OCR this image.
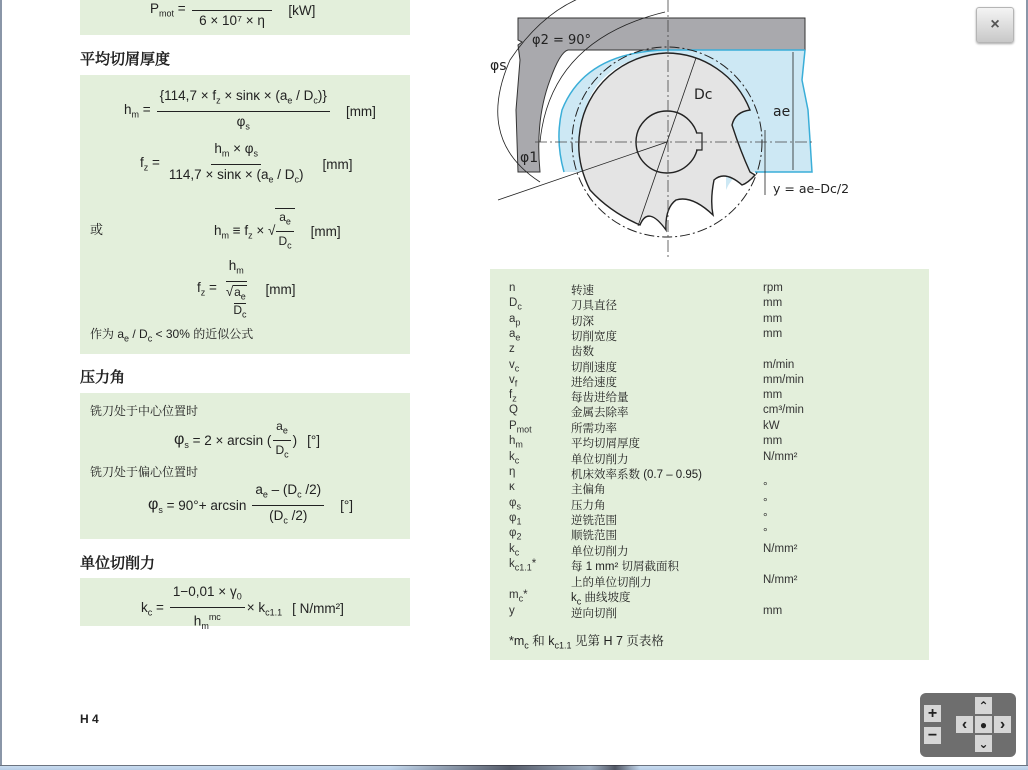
$P_{mot}$ =
6 × 10⁷ × η
[kW]
平均切屑厚度
$h_m = \frac{\{114,7 \times f_z \times \sin\kappa \times (a_e / D_c)\}}{\varphi_s} [mm]$
$f_z = \frac{h_m \times \varphi_s}{114,7 \times \sin\kappa \times (a_e / D_c)} [mm]$
或	$h_m \equiv f_z$ × √ $\frac{a_e}{D_c} [mm]$
$f_z = \frac{h_m}{√ \frac{a_e}{D_c}} [mm]$
作为 $a_e / D_c < 30\%$ 的近似公式
压力角
铣刀处于中心位置时
$\varphi_s$
= 2 × arcsin ( $\frac{a_e}{D_c}$ ) [°]
铣刀处于偏心位置时
$\varphi_s$
= $90^\circ+ \arcsin \frac{a_e - (D_c /2)}{(D_c /2)}$ [°]
单位切削力
$k_c = \frac{1-0,01 \times \gamma_0}{h_m^{mc}} \times k_{c1.1}$ [ N/mm²]
φ2 = 90°
φs
φ1
Dc
ae
y = ae–Dc/2
n	转速	rpm
$D_c$	刀具直径	mm
$a_p$	切深	mm
$a_e$	切削宽度	mm
z	齿数
$v_c$	切削速度	m/min
$v_f$	进给速度	mm/min
$f_z$	每齿进给量	mm
Q	金属去除率	cm³/min
$P_{mot}$	所需功率	kW
$h_m$	平均切屑厚度	mm
$k_c$	单位切削力	N/mm²
η	机床效率系数 (0.7 – 0.95)
κ	主偏角	°
$\varphi_s$	压力角	°
$\varphi_1$	逆铣范围	°
$\varphi_2$	顺铣范围	°
$k_c$	单位切削力	N/mm²
$k_{c1.1}*$	每 1 mm² 切屑截面积
上的单位切削力	N/mm²
$m_c*$	$k_c$ 曲线坡度
y	逆向切削	mm
$*m_c$ 和 $k_{c1.1}$ 见第 H 7 页表格
H 4
×
+
−
⌃
‹ ● ›
⌄
